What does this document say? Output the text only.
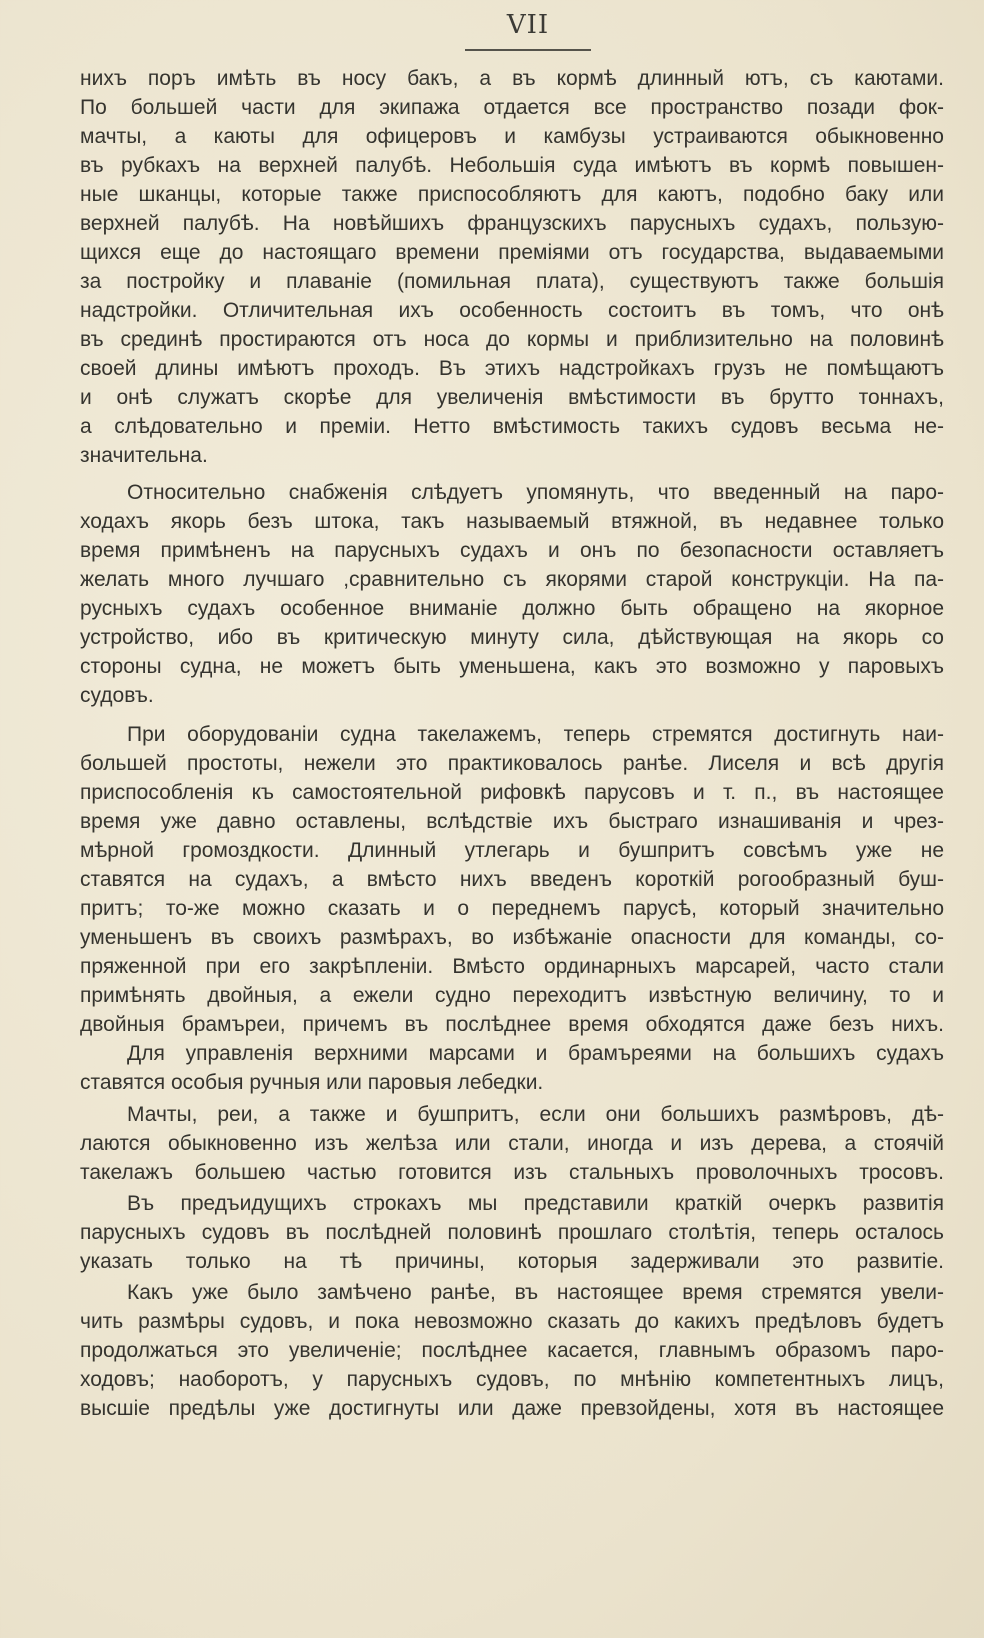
VII
нихъ поръ имѣть въ носу бакъ, а въ кормѣ длинный ютъ, съ каютами.
По большей части для экипажа отдается все пространство позади фок-
мачты, а каюты для офицеровъ и камбузы устраиваются обыкновенно
въ рубкахъ на верхней палубѣ. Небольшія суда имѣютъ въ кормѣ повышен-
ные шканцы, которые также приспособляютъ для каютъ, подобно баку или
верхней палубѣ. На новѣйшихъ французскихъ парусныхъ судахъ, пользую-
щихся еще до настоящаго времени преміями отъ государства, выдаваемыми
за постройку и плаваніе (помильная плата), существуютъ также большія
надстройки. Отличительная ихъ особенность состоитъ въ томъ, что онѣ
въ срединѣ простираются отъ носа до кормы и приблизительно на половинѣ
своей длины имѣютъ проходъ. Въ этихъ надстройкахъ грузъ не помѣщаютъ
и онѣ служатъ скорѣе для увеличенія вмѣстимости въ брутто тоннахъ,
а слѣдовательно и преміи. Нетто вмѣстимость такихъ судовъ весьма не-
значительна.
Относительно снабженія слѣдуетъ упомянуть, что введенный на паро-
ходахъ якорь безъ штока, такъ называемый втяжной, въ недавнее только
время примѣненъ на парусныхъ судахъ и онъ по безопасности оставляетъ
желать много лучшаго ,сравнительно съ якорями старой конструкціи. На па-
русныхъ судахъ особенное вниманіе должно быть обращено на якорное
устройство, ибо въ критическую минуту сила, дѣйствующая на якорь со
стороны судна, не можетъ быть уменьшена, какъ это возможно у паровыхъ
судовъ.
При оборудованіи судна такелажемъ, теперь стремятся достигнуть наи-
большей простоты, нежели это практиковалось ранѣе. Лиселя и всѣ другія
приспособленія къ самостоятельной рифовкѣ парусовъ и т. п., въ настоящее
время уже давно оставлены, вслѣдствіе ихъ быстраго изнашиванія и чрез-
мѣрной громоздкости. Длинный утлегарь и бушпритъ совсѣмъ уже не
ставятся на судахъ, а вмѣсто нихъ введенъ короткій рогообразный буш-
притъ; то-же можно сказать и о переднемъ парусѣ, который значительно
уменьшенъ въ своихъ размѣрахъ, во избѣжаніе опасности для команды, со-
пряженной при его закрѣпленіи. Вмѣсто ординарныхъ марсарей, часто стали
примѣнять двойныя, а ежели судно переходитъ извѣстную величину, то и
двойныя брамъреи, причемъ въ послѣднее время обходятся даже безъ нихъ.
Для управленія верхними марсами и брамъреями на большихъ судахъ
ставятся особыя ручныя или паровыя лебедки.
Мачты, реи, а также и бушпритъ, если они большихъ размѣровъ, дѣ-
лаются обыкновенно изъ желѣза или стали, иногда и изъ дерева, а стоячій
такелажъ большею частью готовится изъ стальныхъ проволочныхъ тросовъ.
Въ предъидущихъ строкахъ мы представили краткій очеркъ развитія
парусныхъ судовъ въ послѣдней половинѣ прошлаго столѣтія, теперь осталось
указать только на тѣ причины, которыя задерживали это развитіе.
Какъ уже было замѣчено ранѣе, въ настоящее время стремятся увели-
чить размѣры судовъ, и пока невозможно сказать до какихъ предѣловъ будетъ
продолжаться это увеличеніе; послѣднее касается, главнымъ образомъ паро-
ходовъ; наоборотъ, у парусныхъ судовъ, по мнѣнію компетентныхъ лицъ,
высшіе предѣлы уже достигнуты или даже превзойдены, хотя въ настоящее
